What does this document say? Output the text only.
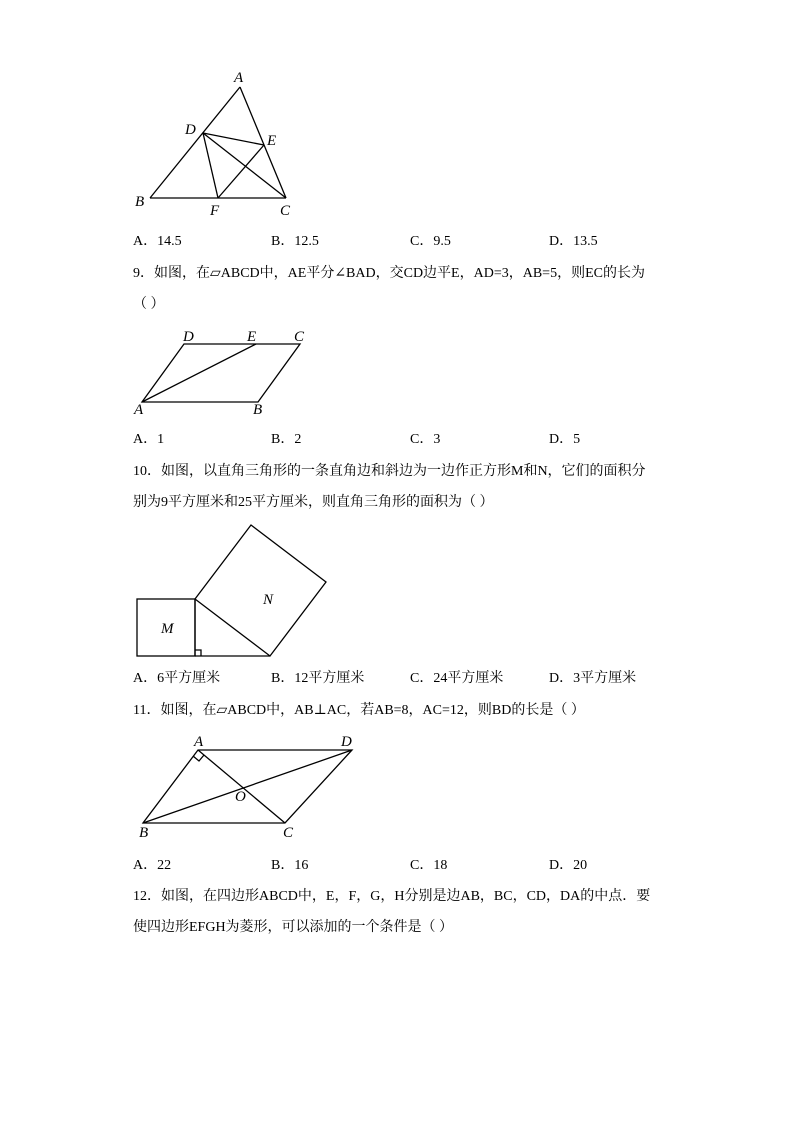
A
D
E
B
F	C
A．14.5	B．12.5	C．9.5	D．13.5
9．如图，在▱ABCD中，AE平分∠BAD，交CD边平E，AD=3，AB=5，则EC的长为
（ ）
D	E	C
A	B
A．1	B．2	C．3	D．5
10．如图，以直角三角形的一条直角边和斜边为一边作正方形M和N，它们的面积分
别为9平方厘米和25平方厘米，则直角三角形的面积为（ ）
M
N
A．6平方厘米	B．12平方厘米	C．24平方厘米	D．3平方厘米
11．如图，在▱ABCD中，AB⊥AC，若AB=8，AC=12，则BD的长是（ ）
A	D
O
B	C
A．22	B．16	C．18	D．20
12．如图，在四边形ABCD中，E，F，G，H分别是边AB，BC，CD，DA的中点．要
使四边形EFGH为菱形，可以添加的一个条件是（ ）
